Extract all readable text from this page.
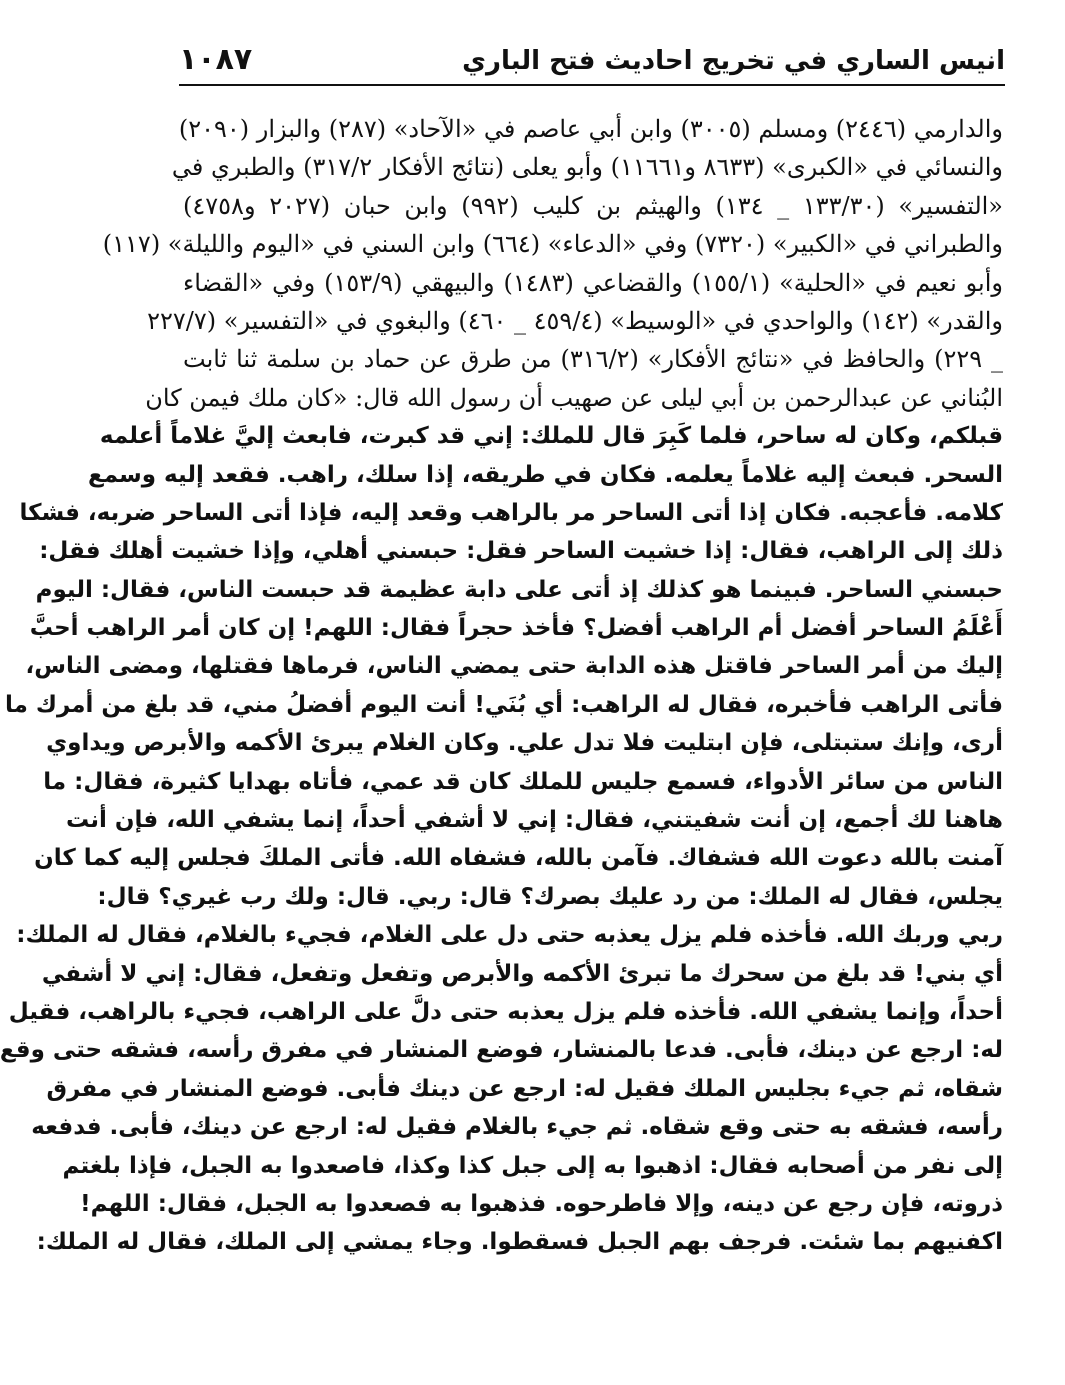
انيس الساري في تخريج احاديث فتح الباري
١٠٨٧
والدارمي (٢٤٤٦) ومسلم (٣٠٠٥) وابن أبي عاصم في «الآحاد» (٢٨٧) والبزار (٢٠٩٠)
والنسائي في «الكبرى» (٨٦٣٣ و١١٦٦١) وأبو يعلى (نتائج الأفكار ٣١٧/٢) والطبري في
«التفسير» (١٣٣/٣٠ _ ١٣٤) والهيثم بن كليب (٩٩٢) وابن حبان (٢٠٢٧ و٤٧٥٨)
والطبراني في «الكبير» (٧٣٢٠) وفي «الدعاء» (٦٦٤) وابن السني في «اليوم والليلة» (١١٧)
وأبو نعيم في «الحلية» (١٥٥/١) والقضاعي (١٤٨٣) والبيهقي (١٥٣/٩) وفي «القضاء
والقدر» (١٤٢) والواحدي في «الوسيط» (٤٥٩/٤ _ ٤٦٠) والبغوي في «التفسير» (٢٢٧/٧
_ ٢٢٩) والحافظ في «نتائج الأفكار» (٣١٦/٢) من طرق عن حماد بن سلمة ثنا ثابت
البُناني عن عبدالرحمن بن أبي ليلى عن صهيب أن رسول الله قال: «كان ملك فيمن كان
قبلكم، وكان له ساحر، فلما كَبِرَ قال للملك: إني قد كبرت، فابعث إليَّ غلاماً أعلمه
السحر. فبعث إليه غلاماً يعلمه. فكان في طريقه، إذا سلك، راهب. فقعد إليه وسمع
كلامه. فأعجبه. فكان إذا أتى الساحر مر بالراهب وقعد إليه، فإذا أتى الساحر ضربه، فشكا
ذلك إلى الراهب، فقال: إذا خشيت الساحر فقل: حبسني أهلي، وإذا خشيت أهلك فقل:
حبسني الساحر. فبينما هو كذلك إذ أتى على دابة عظيمة قد حبست الناس، فقال: اليوم
أَعْلَمُ الساحر أفضل أم الراهب أفضل؟ فأخذ حجراً فقال: اللهم! إن كان أمر الراهب أحبَّ
إليك من أمر الساحر فاقتل هذه الدابة حتى يمضي الناس، فرماها فقتلها، ومضى الناس،
فأتى الراهب فأخبره، فقال له الراهب: أي بُنَي! أنت اليوم أفضلُ مني، قد بلغ من أمرك ما
أرى، وإنك ستبتلى، فإن ابتليت فلا تدل علي. وكان الغلام يبرئ الأكمه والأبرص ويداوي
الناس من سائر الأدواء، فسمع جليس للملك كان قد عمي، فأتاه بهدايا كثيرة، فقال: ما
هاهنا لك أجمع، إن أنت شفيتني، فقال: إني لا أشفي أحداً، إنما يشفي الله، فإن أنت
آمنت بالله دعوت الله فشفاك. فآمن بالله، فشفاه الله. فأتى الملكَ فجلس إليه كما كان
يجلس، فقال له الملك: من رد عليك بصرك؟ قال: ربي. قال: ولك رب غيري؟ قال:
ربي وربك الله. فأخذه فلم يزل يعذبه حتى دل على الغلام، فجيء بالغلام، فقال له الملك:
أي بني! قد بلغ من سحرك ما تبرئ الأكمه والأبرص وتفعل وتفعل، فقال: إني لا أشفي
أحداً، وإنما يشفي الله. فأخذه فلم يزل يعذبه حتى دلَّ على الراهب، فجيء بالراهب، فقيل
له: ارجع عن دينك، فأبى. فدعا بالمنشار، فوضع المنشار في مفرق رأسه، فشقه حتى وقع
شقاه، ثم جيء بجليس الملك فقيل له: ارجع عن دينك فأبى. فوضع المنشار في مفرق
رأسه، فشقه به حتى وقع شقاه. ثم جيء بالغلام فقيل له: ارجع عن دينك، فأبى. فدفعه
إلى نفر من أصحابه فقال: اذهبوا به إلى جبل كذا وكذا، فاصعدوا به الجبل، فإذا بلغتم
ذروته، فإن رجع عن دينه، وإلا فاطرحوه. فذهبوا به فصعدوا به الجبل، فقال: اللهم!
اكفنيهم بما شئت. فرجف بهم الجبل فسقطوا. وجاء يمشي إلى الملك، فقال له الملك:
